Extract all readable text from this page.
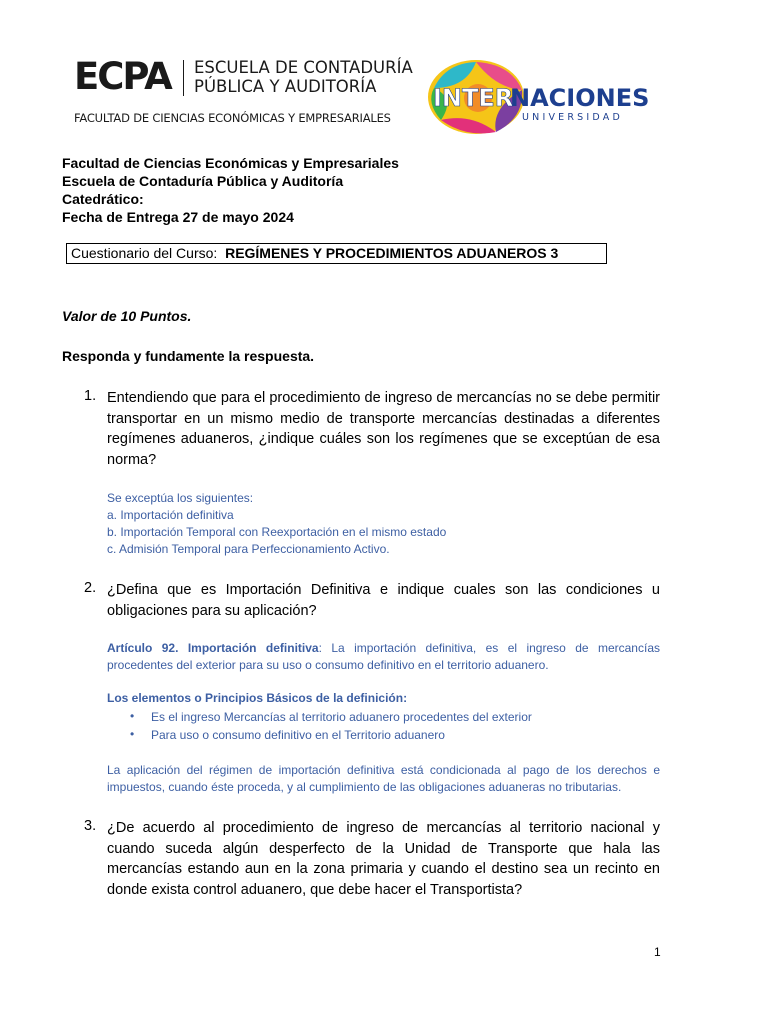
ECPA ESCUELA DE CONTADURÍA
PÚBLICA Y AUDITORÍA
FACULTAD DE CIENCIAS ECONÓMICAS Y EMPRESARIALES
INTER
NACIONES
UNIVERSIDAD
Facultad de Ciencias Económicas y Empresariales
Escuela de Contaduría Pública y Auditoría
Catedrático:
Fecha de Entrega 27 de mayo 2024
Cuestionario del Curso: REGÍMENES Y PROCEDIMIENTOS ADUANEROS 3
Valor de 10 Puntos.
Responda y fundamente la respuesta.
1. Entendiendo que para el procedimiento de ingreso de mercancías no se debe permitir transportar en un mismo medio de transporte mercancías destinadas a diferentes regímenes aduaneros, ¿indique cuáles son los regímenes que se exceptúan de esa norma?
Se exceptúa los siguientes:
a. Importación definitiva
b. Importación Temporal con Reexportación en el mismo estado
c. Admisión Temporal para Perfeccionamiento Activo.
2. ¿Defina que es Importación Definitiva e indique cuales son las condiciones u obligaciones para su aplicación?
Artículo 92. Importación definitiva: La importación definitiva, es el ingreso de mercancías procedentes del exterior para su uso o consumo definitivo en el territorio aduanero.
Los elementos o Principios Básicos de la definición:
• Es el ingreso Mercancías al territorio aduanero procedentes del exterior
• Para uso o consumo definitivo en el Territorio aduanero
La aplicación del régimen de importación definitiva está condicionada al pago de los derechos e impuestos, cuando éste proceda, y al cumplimiento de las obligaciones aduaneras no tributarias.
3. ¿De acuerdo al procedimiento de ingreso de mercancías al territorio nacional y cuando suceda algún desperfecto de la Unidad de Transporte que hala las mercancías estando aun en la zona primaria y cuando el destino sea un recinto en donde exista control aduanero, que debe hacer el Transportista?
1
